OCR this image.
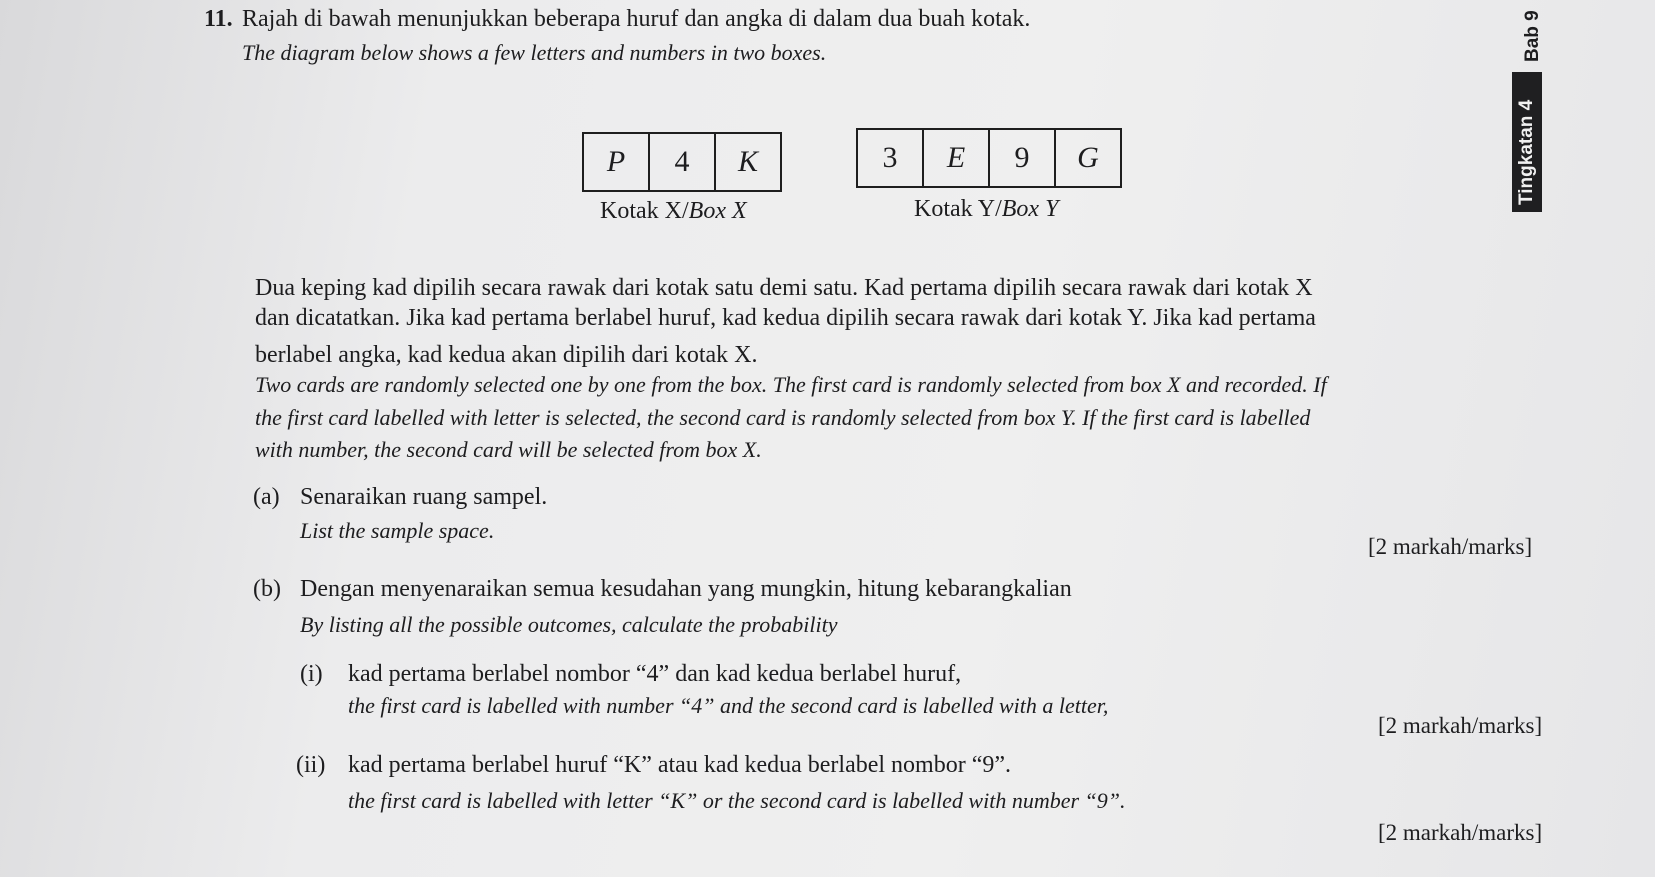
11. Rajah di bawah menunjukkan beberapa huruf dan angka di dalam dua buah kotak.
The diagram below shows a few letters and numbers in two boxes.
P	4	K
Kotak X/Box X
3	E	9	G
Kotak Y/Box Y
Tingkatan 4
Bab 9
Dua keping kad dipilih secara rawak dari kotak satu demi satu. Kad pertama dipilih secara rawak dari kotak X
dan dicatatkan. Jika kad pertama berlabel huruf, kad kedua dipilih secara rawak dari kotak Y. Jika kad pertama
berlabel angka, kad kedua akan dipilih dari kotak X.
Two cards are randomly selected one by one from the box. The first card is randomly selected from box X and recorded. If
the first card labelled with letter is selected, the second card is randomly selected from box Y. If the first card is labelled
with number, the second card will be selected from box X.
(a) Senaraikan ruang sampel.
List the sample space.
[2 markah/marks]
(b) Dengan menyenaraikan semua kesudahan yang mungkin, hitung kebarangkalian
By listing all the possible outcomes, calculate the probability
(i) kad pertama berlabel nombor “4” dan kad kedua berlabel huruf,
the first card is labelled with number “4” and the second card is labelled with a letter,
[2 markah/marks]
(ii) kad pertama berlabel huruf “K” atau kad kedua berlabel nombor “9”.
the first card is labelled with letter “K” or the second card is labelled with number “9”.
[2 markah/marks]
